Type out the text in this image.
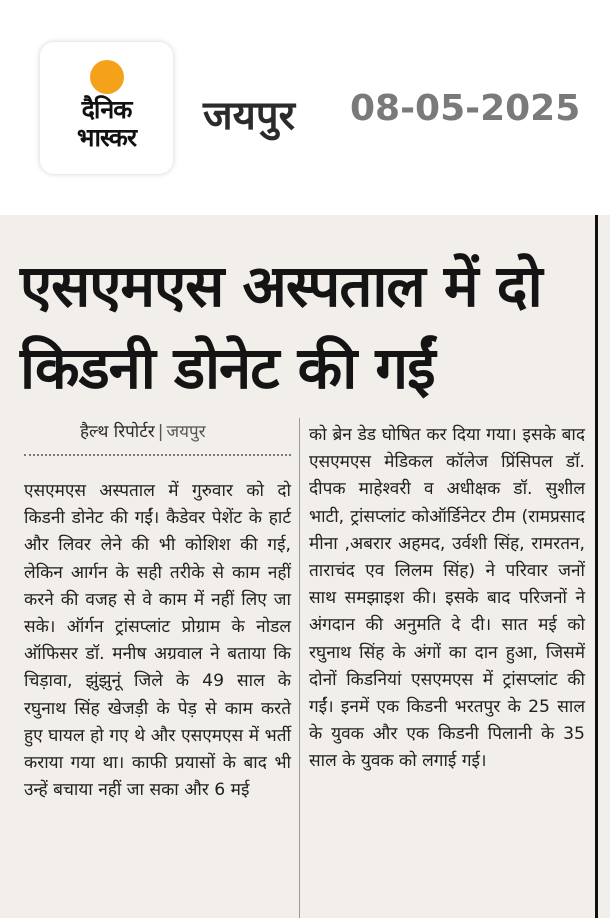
दैनिक
भास्कर	जयपुर 08-05-2025
एसएमएस अस्पताल में दो
किडनी डोनेट की गईं
हैल्थ रिपोर्टर | जयपुर

एसएमएस अस्पताल में गुरुवार को दो किडनी डोनेट की गईं। कैडेवर पेशेंट के हार्ट और लिवर लेने की भी कोशिश की गई, लेकिन आर्गन के सही तरीके से काम नहीं करने की वजह से वे काम में नहीं लिए जा सके। ऑर्गन ट्रांसप्लांट प्रोग्राम के नोडल ऑफिसर डॉ. मनीष अग्रवाल ने बताया कि चिड़ावा, झुंझुनूं जिले के 49 साल के रघुनाथ सिंह खेजड़ी के पेड़ से काम करते हुए घायल हो गए थे और एसएमएस में भर्ती कराया गया था। काफी प्रयासों के बाद भी उन्हें बचाया नहीं जा सका और 6 मई

को ब्रेन डेड घोषित कर दिया गया। इसके बाद एसएमएस मेडिकल कॉलेज प्रिंसिपल डॉ. दीपक माहेश्वरी व अधीक्षक डॉ. सुशील भाटी, ट्रांसप्लांट कोऑर्डिनेटर टीम (रामप्रसाद मीना ,अबरार अहमद, उर्वशी सिंह, रामरतन, ताराचंद एव लिलम सिंह) ने परिवार जनों साथ समझाइश की। इसके बाद परिजनों ने अंगदान की अनुमति दे दी। सात मई को रघुनाथ सिंह के अंगों का दान हुआ, जिसमें दोनों किडनियां एसएमएस में ट्रांसप्लांट की गईं। इनमें एक किडनी भरतपुर के 25 साल के युवक और एक किडनी पिलानी के 35 साल के युवक को लगाई गई।
